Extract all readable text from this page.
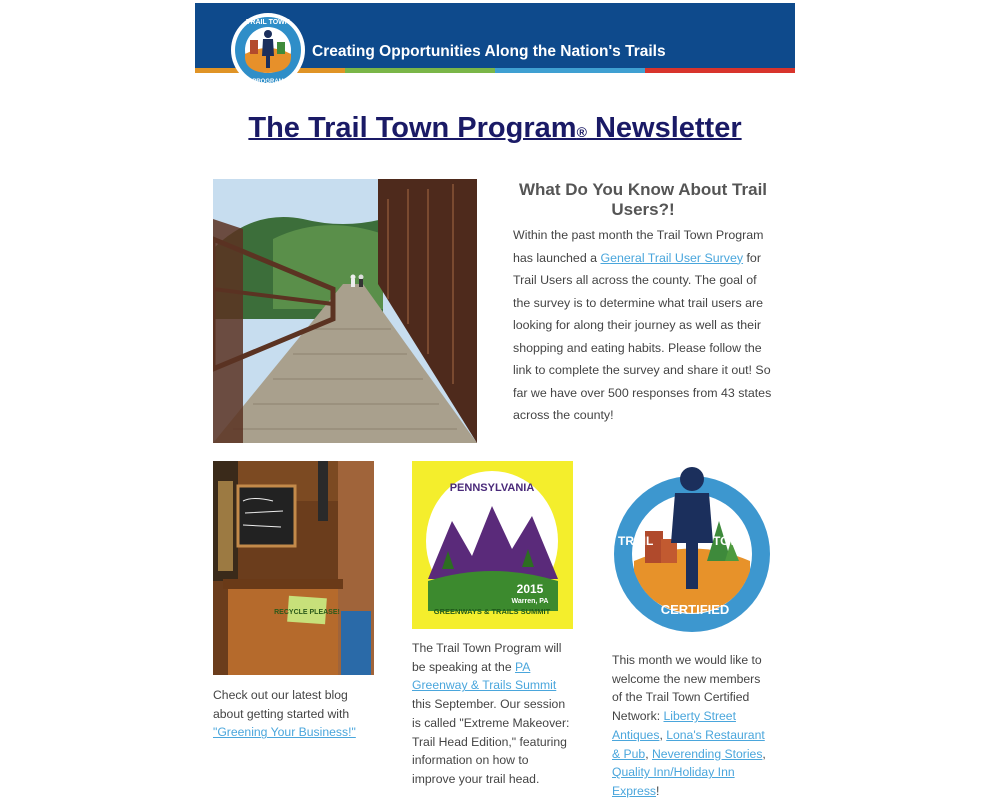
Creating Opportunities Along the Nation's Trails
TRAIL TOWN
PROGRAM
The Trail Town Program® Newsletter
What Do You Know About Trail Users?!
Within the past month the Trail Town Program has launched a General Trail User Survey for Trail Users all across the county. The goal of the survey is to determine what trail users are looking for along their journey as well as their shopping and eating habits. Please follow the link to complete the survey and share it out! So far we have over 500 responses from 43 states across the county!
RECYCLE PLEASE!
Check out our latest blog about getting started with "Greening Your Business!"
PENNSYLVANIA
2015
Warren, PA
GREENWAYS & TRAILS SUMMIT
The Trail Town Program will be speaking at the PA Greenway & Trails Summit this September. Our session is called "Extreme Makeover: Trail Head Edition," featuring information on how to improve your trail head.
CERTIFIED
TRAIL	TOWN
This month we would like to welcome the new members of the Trail Town Certified Network: Liberty Street Antiques, Lona's Restaurant & Pub, Neverending Stories, Quality Inn/Holiday Inn Express!
